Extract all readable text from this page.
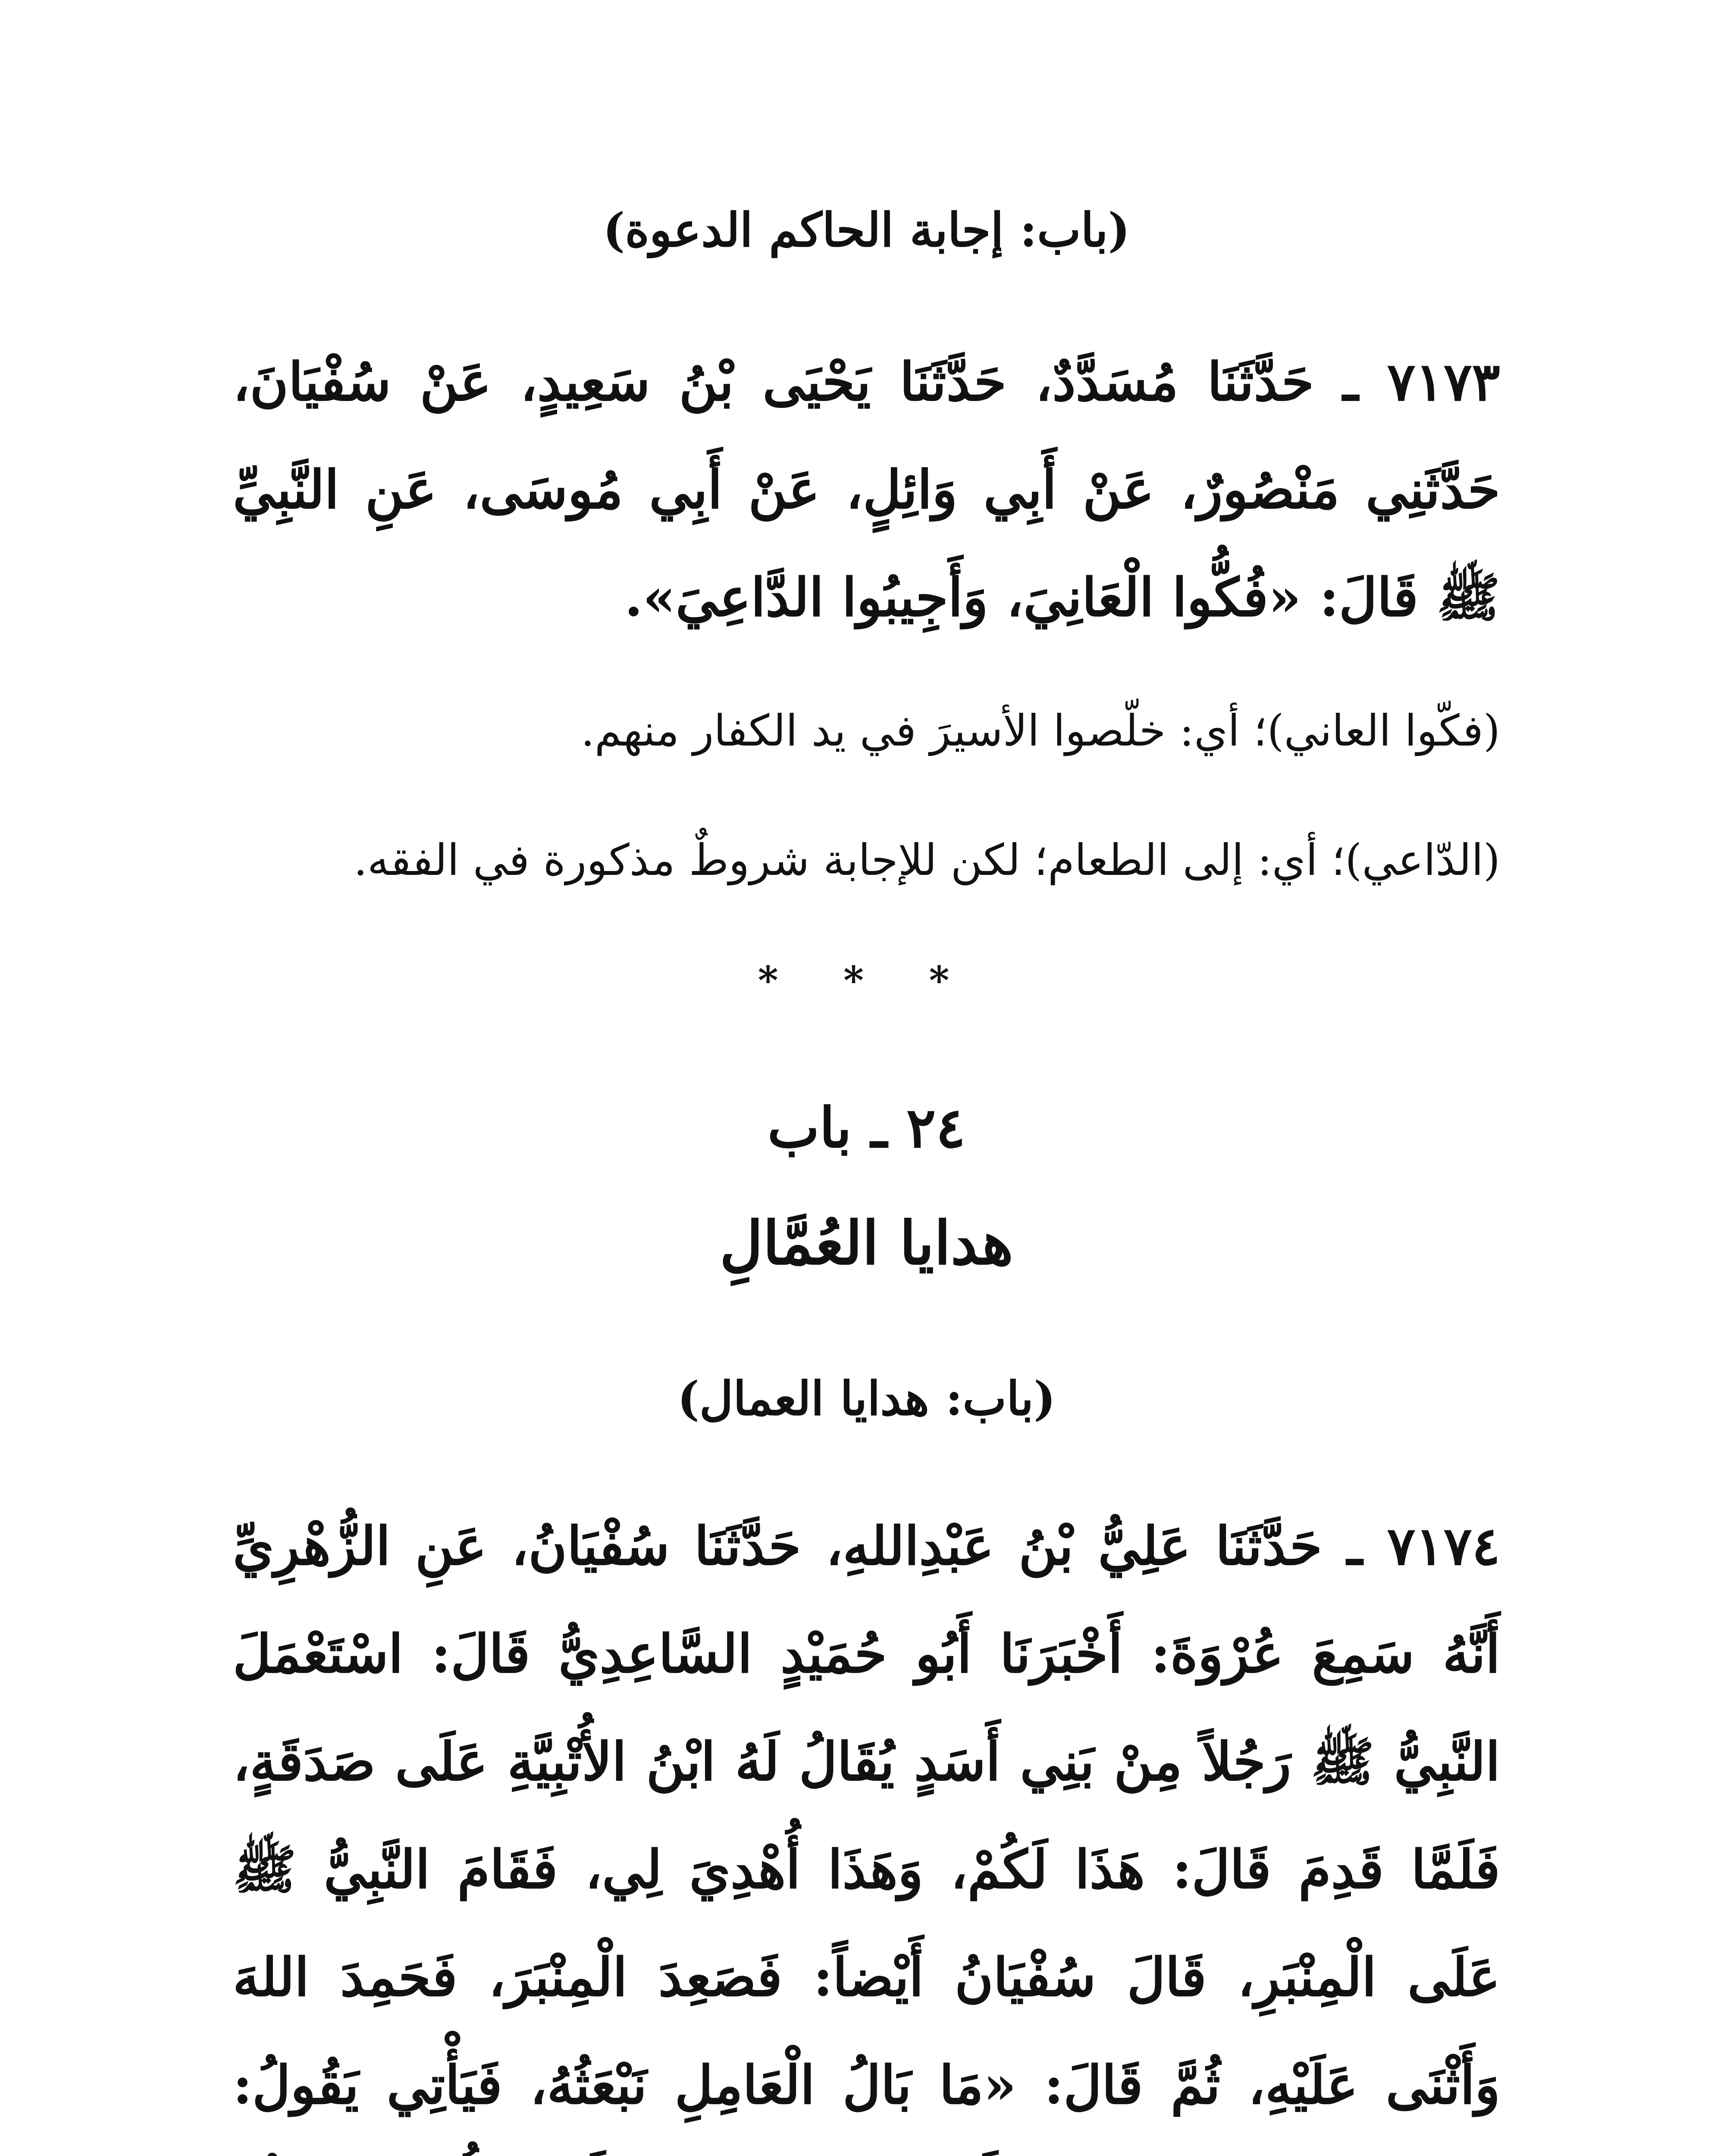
(باب: إجابة الحاكم الدعوة)
٧١٧٣ ـ حَدَّثَنَا مُسَدَّدٌ، حَدَّثَنَا يَحْيَى بْنُ سَعِيدٍ، عَنْ سُفْيَانَ، حَدَّثَنِي مَنْصُورٌ، عَنْ أَبِي وَائِلٍ، عَنْ أَبِي مُوسَى، عَنِ النَّبِيِّ ﷺ قَالَ: «فُكُّوا الْعَانِيَ، وَأَجِيبُوا الدَّاعِيَ».
(فكّوا العاني)؛ أي: خلّصوا الأسيرَ في يد الكفار منهم.
(الدّاعي)؛ أي: إلى الطعام؛ لكن للإجابة شروطٌ مذكورة في الفقه.
* * *
٢٤ ـ باب
هدايا العُمَّالِ
(باب: هدايا العمال)
٧١٧٤ ـ حَدَّثَنَا عَلِيُّ بْنُ عَبْدِاللهِ، حَدَّثَنَا سُفْيَانُ، عَنِ الزُّهْرِيِّ أَنَّهُ سَمِعَ عُرْوَةَ: أَخْبَرَنَا أَبُو حُمَيْدٍ السَّاعِدِيُّ قَالَ: اسْتَعْمَلَ النَّبِيُّ ﷺ رَجُلاً مِنْ بَنِي أَسَدٍ يُقَالُ لَهُ ابْنُ الأُتْبِيَّةِ عَلَى صَدَقَةٍ، فَلَمَّا قَدِمَ قَالَ: هَذَا لَكُمْ، وَهَذَا أُهْدِيَ لِي، فَقَامَ النَّبِيُّ ﷺ عَلَى الْمِنْبَرِ، قَالَ سُفْيَانُ أَيْضاً: فَصَعِدَ الْمِنْبَرَ، فَحَمِدَ اللهَ وَأَثْنَى عَلَيْهِ، ثُمَّ قَالَ: «مَا بَالُ الْعَامِلِ نَبْعَثُهُ، فَيَأْتِي يَقُولُ:
